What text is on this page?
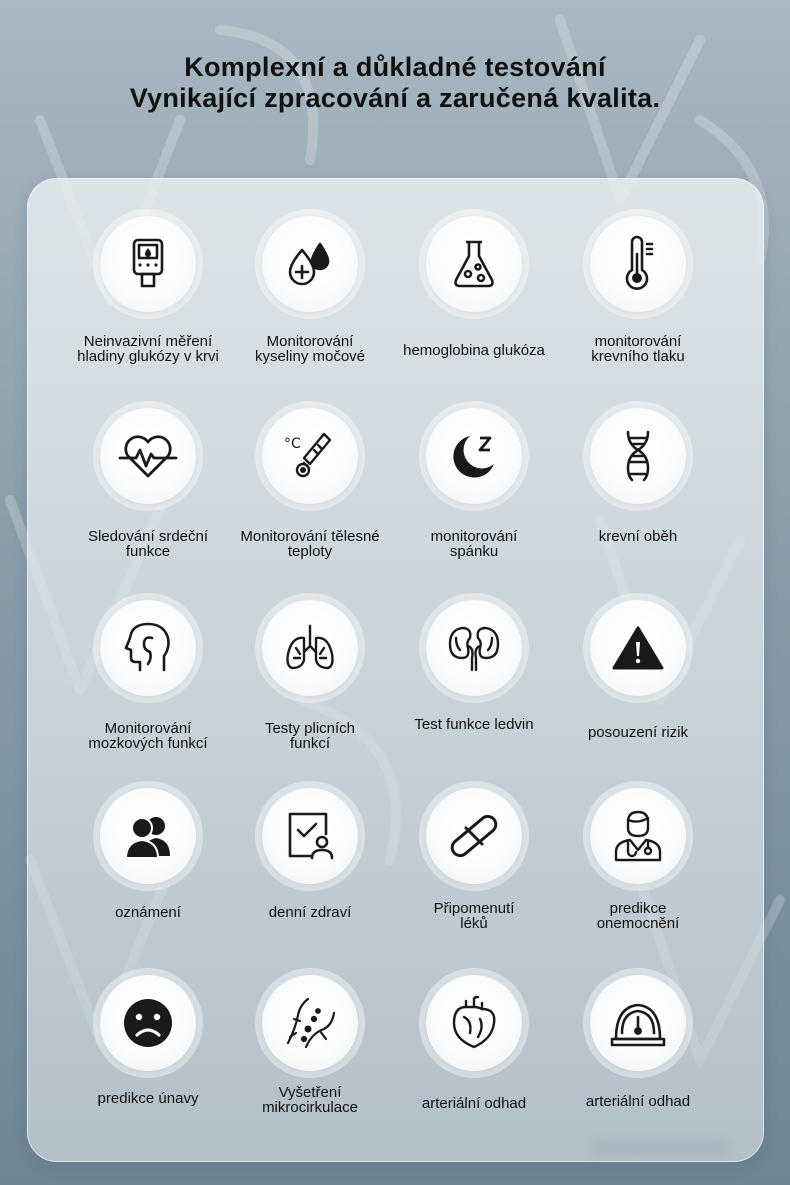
Komplexní a důkladné testování
Vynikající zpracování a zaručená kvalita.
Neinvazivní měření
hladiny glukózy v krvi
Monitorování
kyseliny močové	hemoglobina glukóza
monitorování
krevního tlaku
Sledování srdeční
funkce
°C
Monitorování tělesné
teploty
monitorování
spánku
krevní oběh
Monitorování
mozkových funkcí
Testy plicních
funkcí
Test funkce ledvin	posouzení rizik
oznámení	denní zdraví	Připomenutí
léků
predikce
onemocnění
predikce únavy	Vyšetření
mikrocirkulace	arteriální odhad	arteriální odhad
